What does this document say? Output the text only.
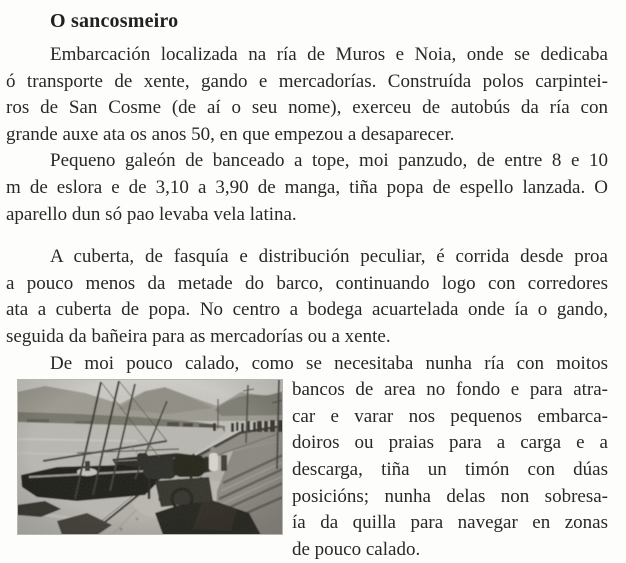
O sancosmeiro
Embarcación localizada na ría de Muros e Noia, onde se dedicaba
ó transporte de xente, gando e mercadorías. Construída polos carpintei-
ros de San Cosme (de aí o seu nome), exerceu de autobús da ría con
grande auxe ata os anos 50, en que empezou a desaparecer.
Pequeno galeón de banceado a tope, moi panzudo, de entre 8 e 10
m de eslora e de 3,10 a 3,90 de manga, tiña popa de espello lanzada. O
aparello dun só pao levaba vela latina.
A cuberta, de fasquía e distribución peculiar, é corrida desde proa
a pouco menos da metade do barco, continuando logo con corredores
ata a cuberta de popa. No centro a bodega acuartelada onde ía o gando,
seguida da bañeira para as mercadorías ou a xente.
De moi pouco calado, como se necesitaba nunha ría con moitos
bancos de area no fondo e para atra-
car e varar nos pequenos embarca-
doiros ou praias para a carga e a
descarga, tiña un timón con dúas
posicións; nunha delas non sobresa-
ía da quilla para navegar en zonas
de pouco calado.
